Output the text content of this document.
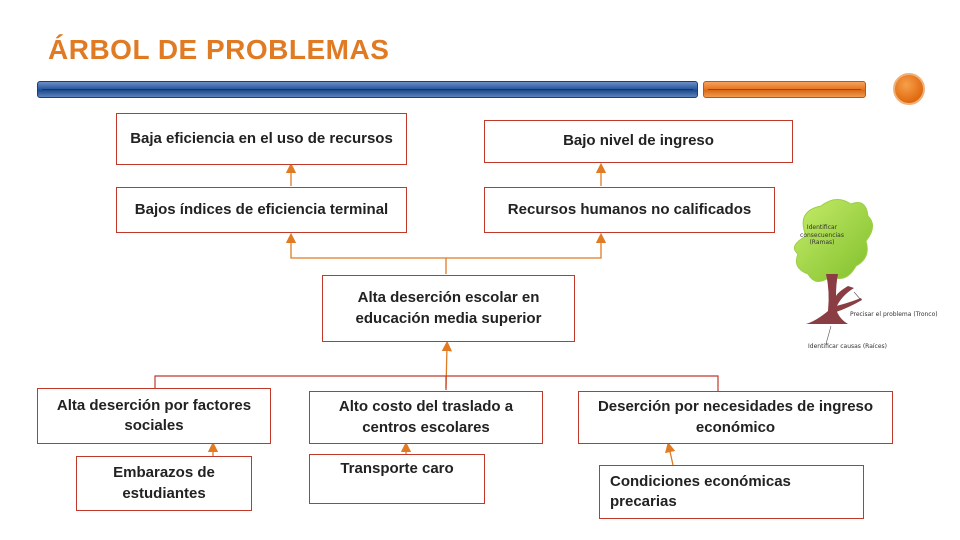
ÁRBOL DE PROBLEMAS
Baja eficiencia en el uso de recursos	Bajo nivel de ingreso
Bajos índices de eficiencia terminal	Recursos humanos no calificados
Alta deserción escolar en educación media superior
Alta deserción por factores sociales
Alto costo del traslado a centros escolares
Deserción por necesidades de ingreso económico
Embarazos de estudiantes
Transporte caro
Condiciones económicas precarias
Identificar consecuencias (Ramas)
Precisar el problema (Tronco)
Identificar causas (Raíces)
